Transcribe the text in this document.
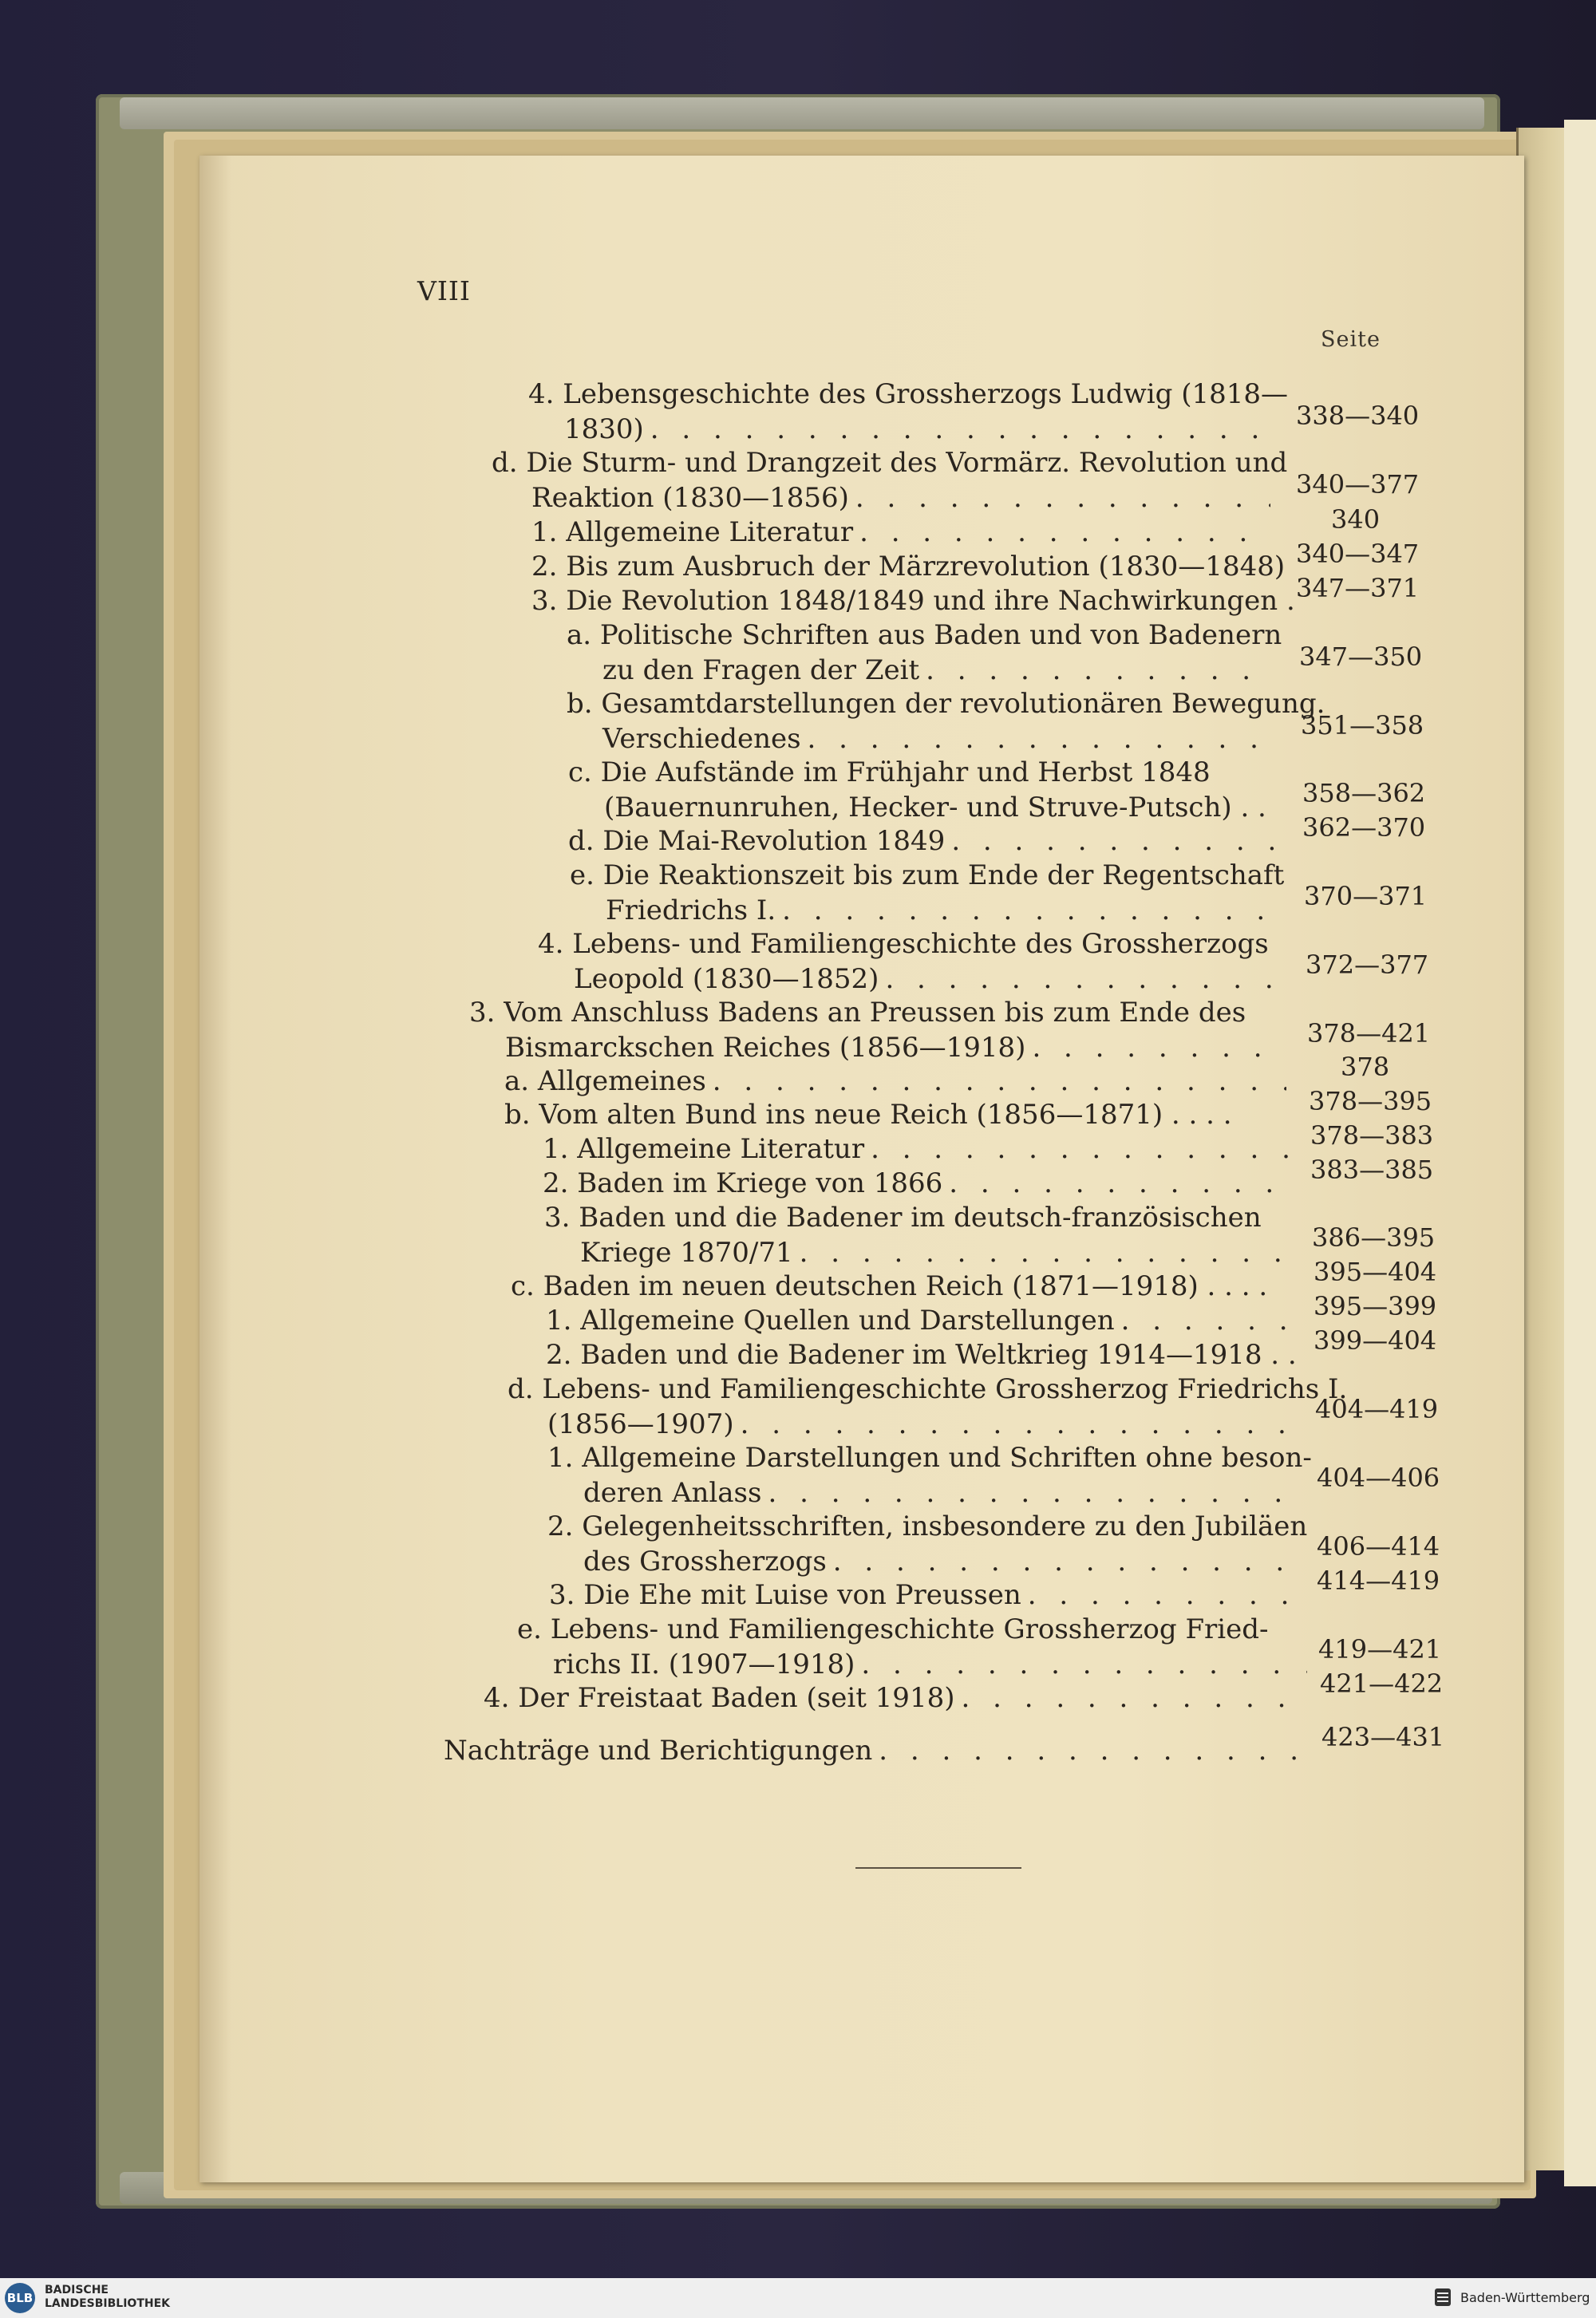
VIII
Seite
4. Lebensgeschichte des Grossherzogs Ludwig (1818—
1830) . . .	338—340
d. Die Sturm- und Drangzeit des Vormärz. Revolution und
Reaktion (1830—1856) . . .	340—377
1. Allgemeine Literatur . . .	340
2. Bis zum Ausbruch der Märzrevolution (1830—1848) 340—347
3. Die Revolution 1848/1849 und ihre Nachwirkungen . 347—371
a. Politische Schriften aus Baden und von Badenern
zu den Fragen der Zeit . . .	347—350
b. Gesamtdarstellungen der revolutionären Bewegung.
Verschiedenes . . .	351—358
c. Die Aufstände im Frühjahr und Herbst 1848
(Bauernunruhen, Hecker- und Struve-Putsch) . .	358—362
d. Die Mai-Revolution 1849 . . .	362—370
e. Die Reaktionszeit bis zum Ende der Regentschaft
Friedrichs I. . . .	370—371
4. Lebens- und Familiengeschichte des Grossherzogs
Leopold (1830—1852) . . .	372—377
3. Vom Anschluss Badens an Preussen bis zum Ende des
Bismarckschen Reiches (1856—1918) . . .	378—421
a. Allgemeines . . .	378
b. Vom alten Bund ins neue Reich (1856—1871) . . . .	378—395
1. Allgemeine Literatur . . .	378—383
2. Baden im Kriege von 1866 . . .	383—385
3. Baden und die Badener im deutsch-französischen
Kriege 1870/71 . . .	386—395
c. Baden im neuen deutschen Reich (1871—1918) . . . .	395—404
1. Allgemeine Quellen und Darstellungen . . .	395—399
2. Baden und die Badener im Weltkrieg 1914—1918 . . 399—404
d. Lebens- und Familiengeschichte Grossherzog Friedrichs I.
(1856—1907) . . .	404—419
1. Allgemeine Darstellungen und Schriften ohne beson-
deren Anlass . . .	404—406
2. Gelegenheitsschriften, insbesondere zu den Jubiläen
des Grossherzogs . . .	406—414
3. Die Ehe mit Luise von Preussen . . .	414—419
e. Lebens- und Familiengeschichte Grossherzog Fried-
richs II. (1907—1918) . . .	419—421
4. Der Freistaat Baden (seit 1918) . . .	421—422
Nachträge und Berichtigungen . . .	423—431
BLB
BADISCHE
LANDESBIBLIOTHEK	Baden-Württemberg
